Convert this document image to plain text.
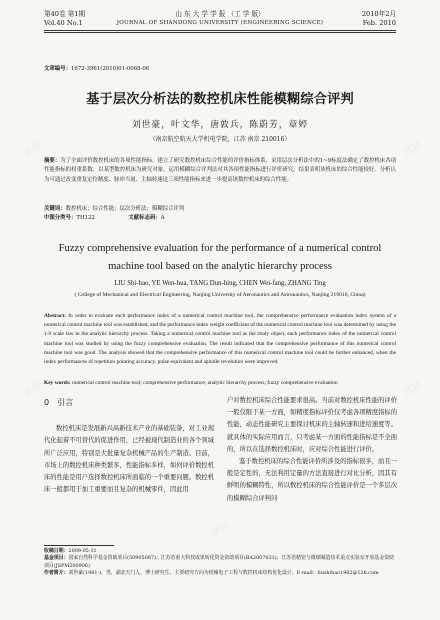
第40卷 第1期
Vol.40 No.1
山 东 大 学 学 报 （工 学 版）
JOURNAL OF SHANDONG UNIVERSITY (ENGINEERING SCIENCE)
2010年2月
Feb. 2010
文章编号：1672-3961(2010)01-0068-06
基于层次分析法的数控机床性能模糊综合评判
刘世豪，叶文华，唐敦兵，陈蔚芳，章婷
（南京航空航天大学机电学院，江苏 南京 210016）
摘要：为了全面评价数控机床的各项性能指标，建立了研究数控机床综合性能的评价指标体系，采用层次分析法中的1~9标度法确定了数控机床各项性能指标的权重系数。以某型数控机床为研究对象，运用模糊综合评判法对其各项性能指标进行评价研究，结果表明该机床的综合性能较好。分析认为可通过改变重复定位精度、脉冲当量、主轴转速这三项性能指标来进一步提高该数控机床的综合性能。
关键词：数控机床；综合性能；层次分析法；模糊综合评判
中图分类号：TH122	文献标志码：A
Fuzzy comprehensive evaluation for the performance of a numerical control machine tool based on the analytic hierarchy process
LIU Shi-hao, YE Wen-hua, TANG Dun-bing, CHEN Wei-fang, ZHANG Ting
( College of Mechanical and Electrical Engineering, Nanjing University of Aeronautics and Astronautics, Nanjing 210016, China)
Abstract: In order to evaluate each performance index of a numerical control machine tool, the comprehensive performance evaluation index system of a numerical control machine tool was established, and the performance index weight coefficient of the numerical control machine tool was determined by using the 1-9 scale law in the analytic hierarchy process. Taking a numerical control machine tool as the study object, each performance index of the numerical control machine tool was studied by using the fuzzy comprehensive evaluation. The result indicated that the comprehensive performance of this numerical control machine tool was good. The analysis showed that the comprehensive performance of this numerical control machine tool could be further enhanced, when the index performances of repetition pointing accuracy, pulse equivalent and spindle revolution were improved.
Key words: numerical control machine tool; comprehensive performance; analytic hierarchy process; fuzzy comprehensive evaluation
0 引言

数控机床是发展新兴高新技术产业的基础装备，对工业现代化起着不可替代的促进作用，已经被现代制造业的各个领域所广泛应用，特别是大批量复杂机械产品的生产制造。目前，市场上的数控机床种类繁多，性能指标多样，如何评价数控机床的性能是用户选择数控机床所面临的一个重要问题。数控机床一般都用于加工重要而且复杂的机械零件，因此用

户对数控机床综合性能要求很高。当前对数控机床性能的评价一般仅限于某一方面，如精度指标评价仅考虑各项精度指标的性能，动态性能研究主要探讨机床的主轴转速和进给速度等。就具体的实际应用而言，只考虑某一方面的性能指标是不全面的，所以在选择数控机床时，应对综合性能进行评价。

鉴于数控机床的综合性能评价所涉及的指标很多，而且一般是定性的，无法利用定量的方法直接进行对比分析，因其有鲜明的模糊特性，所以数控机床的综合性能评价是一个多层次的模糊综合评判问

收稿日期：2009-05-31

基金项目：国家自然科学基金资助项目(50905087)；江苏省重大科技成果转化资金资助项目(BA2007031)；江苏省精密与微细制造技术重点实验室开放基金资助项目(JSPM200906)

作者简介：刘世豪(1981-)，男，湖北天门人，博士研究生，主要研究方向为机械电子工程与数控机床结构优化设计。E-mail：liushihao1982@126.com

试读	试读
试读	试读
试读
